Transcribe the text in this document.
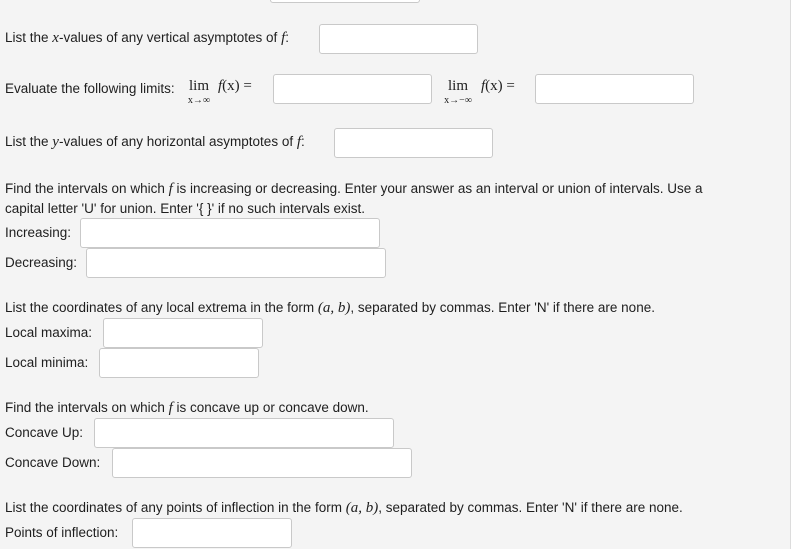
List the x-values of any vertical asymptotes of f:
Evaluate the following limits: lim
x→∞
f(x) =	lim
x→−∞
f(x) =
List the y-values of any horizontal asymptotes of f:
Find the intervals on which f is increasing or decreasing. Enter your answer as an interval or union of intervals. Use a
capital letter 'U' for union. Enter '{ }' if no such intervals exist.
Increasing:
Decreasing:
List the coordinates of any local extrema in the form (a, b), separated by commas. Enter 'N' if there are none.
Local maxima:
Local minima:
Find the intervals on which f is concave up or concave down.
Concave Up:
Concave Down:
List the coordinates of any points of inflection in the form (a, b), separated by commas. Enter 'N' if there are none.
Points of inflection:
